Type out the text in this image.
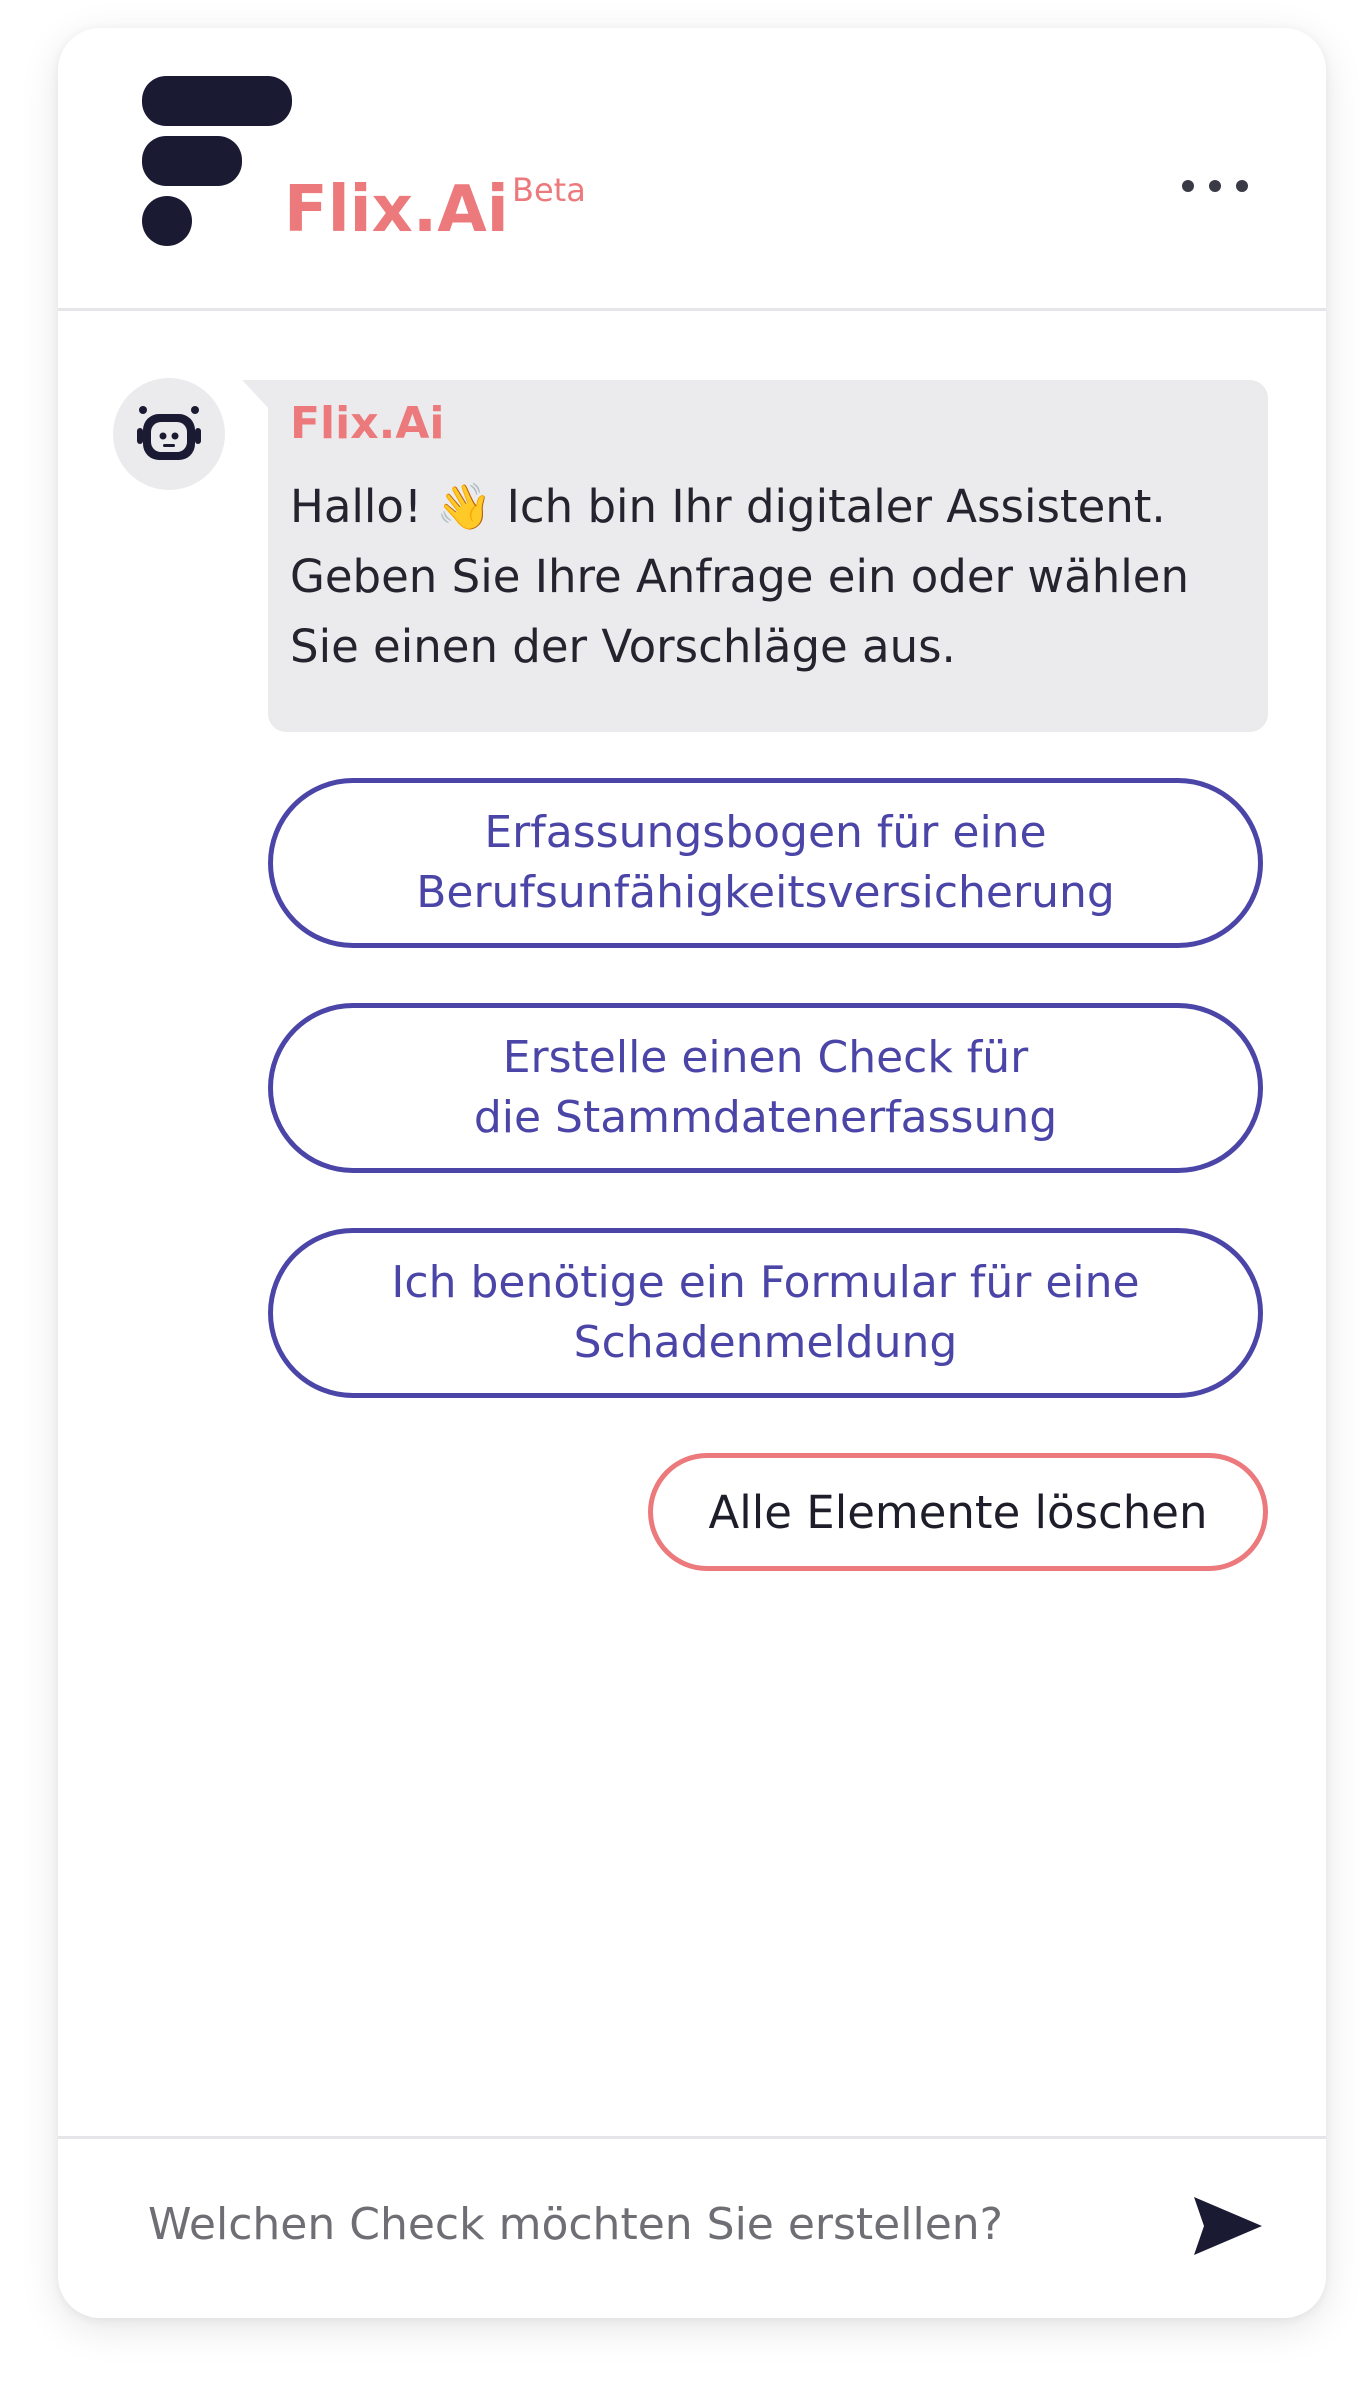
Flix.Ai Beta
Flix.Ai
Hallo! 👋 Ich bin Ihr digitaler Assistent. Geben Sie Ihre Anfrage ein oder wählen Sie einen der Vorschläge aus.
Erfassungsbogen für eine
Berufsunfähigkeitsversicherung
Erstelle einen Check für
die Stammdatenerfassung
Ich benötige ein Formular für eine
Schadenmeldung
Alle Elemente löschen
Welchen Check möchten Sie erstellen?
